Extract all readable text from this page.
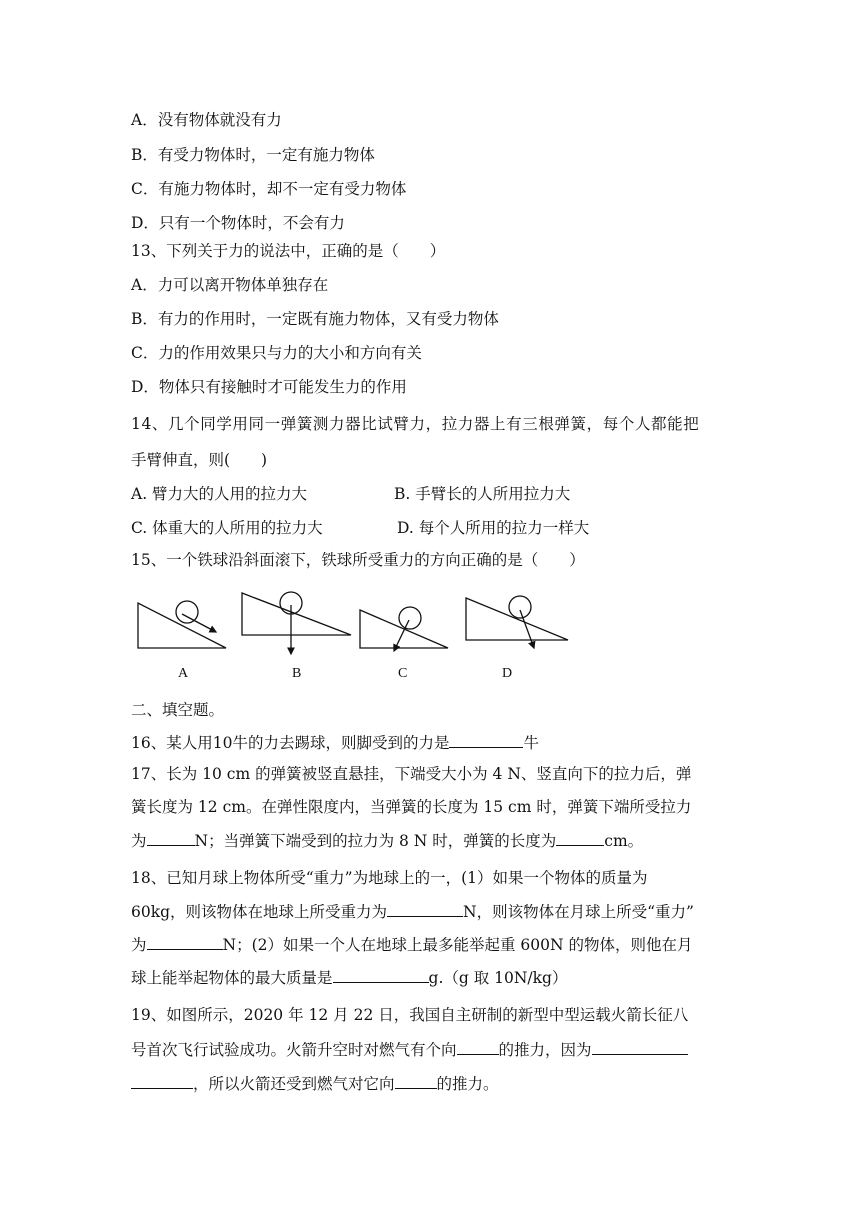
A．没有物体就没有力
B．有受力物体时，一定有施力物体
C．有施力物体时，却不一定有受力物体
D．只有一个物体时，不会有力
13、下列关于力的说法中，正确的是（　　）
A．力可以离开物体单独存在
B．有力的作用时，一定既有施力物体，又有受力物体
C．力的作用效果只与力的大小和方向有关
D．物体只有接触时才可能发生力的作用
14、几个同学用同一弹簧测力器比试臂力，拉力器上有三根弹簧，每个人都能把
手臂伸直，则(　　)
A. 臂力大的人用的拉力大	B. 手臂长的人所用拉力大
C. 体重大的人所用的拉力大	D. 每个人所用的拉力一样大
15、一个铁球沿斜面滚下，铁球所受重力的方向正确的是（　　）
A	B	C	D
二、填空题。
16、某人用10牛的力去踢球，则脚受到的力是	牛
17、长为 10 cm 的弹簧被竖直悬挂，下端受大小为 4 N、竖直向下的拉力后，弹
簧长度为 12 cm。在弹性限度内，当弹簧的长度为 15 cm 时，弹簧下端所受拉力
为	N；当弹簧下端受到的拉力为 8 N 时，弹簧的长度为	cm。
18、已知月球上物体所受“重力”为地球上的一，(1）如果一个物体的质量为
60kg，则该物体在地球上所受重力为	N，则该物体在月球上所受“重力”
为	N；(2）如果一个人在地球上最多能举起重 600N 的物体，则他在月
球上能举起物体的最大质量是	g.（g 取 10N/kg）
19、如图所示，2020 年 12 月 22 日，我国自主研制的新型中型运载火箭长征八
号首次飞行试验成功。火箭升空时对燃气有个向	的推力，因为
，所以火箭还受到燃气对它向	的推力。
